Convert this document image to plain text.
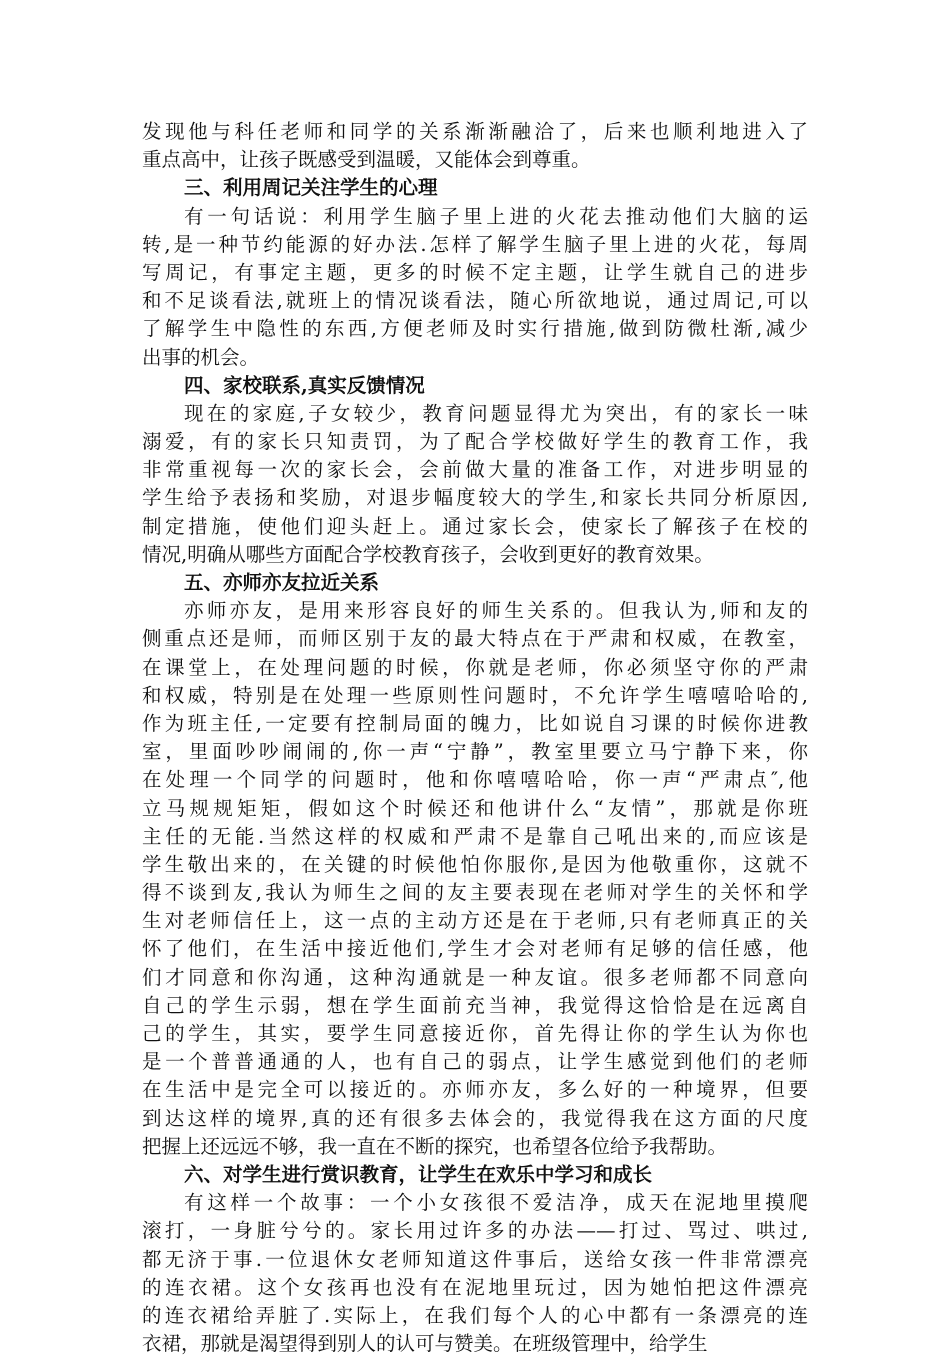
发现他与科任老师和同学的关系渐渐融洽了，后来也顺利地进入了
重点高中，让孩子既感受到温暖，又能体会到尊重。
三、利用周记关注学生的心理
有一句话说：利用学生脑子里上进的火花去推动他们大脑的运
转,是一种节约能源的好办法.怎样了解学生脑子里上进的火花，每周
写周记，有事定主题，更多的时候不定主题，让学生就自己的进步
和不足谈看法,就班上的情况谈看法，随心所欲地说，通过周记,可以
了解学生中隐性的东西,方便老师及时实行措施,做到防微杜渐,减少
出事的机会。
四、家校联系,真实反馈情况
现在的家庭,子女较少，教育问题显得尤为突出，有的家长一味
溺爱，有的家长只知责罚，为了配合学校做好学生的教育工作，我
非常重视每一次的家长会，会前做大量的准备工作，对进步明显的
学生给予表扬和奖励，对退步幅度较大的学生,和家长共同分析原因,
制定措施，使他们迎头赶上。通过家长会，使家长了解孩子在校的
情况,明确从哪些方面配合学校教育孩子，会收到更好的教育效果。
五、亦师亦友拉近关系
亦师亦友，是用来形容良好的师生关系的。但我认为,师和友的
侧重点还是师，而师区别于友的最大特点在于严肃和权威，在教室，
在课堂上，在处理问题的时候，你就是老师，你必须坚守你的严肃
和权威，特别是在处理一些原则性问题时，不允许学生嘻嘻哈哈的,
作为班主任,一定要有控制局面的魄力，比如说自习课的时候你进教
室，里面吵吵闹闹的,你一声“宁静”，教室里要立马宁静下来，你
在处理一个同学的问题时，他和你嘻嘻哈哈，你一声“严肃点″,他
立马规规矩矩，假如这个时候还和他讲什么“友情”，那就是你班
主任的无能.当然这样的权威和严肃不是靠自己吼出来的,而应该是
学生敬出来的，在关键的时候他怕你服你,是因为他敬重你，这就不
得不谈到友,我认为师生之间的友主要表现在老师对学生的关怀和学
生对老师信任上，这一点的主动方还是在于老师,只有老师真正的关
怀了他们，在生活中接近他们,学生才会对老师有足够的信任感，他
们才同意和你沟通，这种沟通就是一种友谊。很多老师都不同意向
自己的学生示弱，想在学生面前充当神，我觉得这恰恰是在远离自
己的学生，其实，要学生同意接近你，首先得让你的学生认为你也
是一个普普通通的人，也有自己的弱点，让学生感觉到他们的老师
在生活中是完全可以接近的。亦师亦友，多么好的一种境界，但要
到达这样的境界,真的还有很多去体会的，我觉得我在这方面的尺度
把握上还远远不够，我一直在不断的探究，也希望各位给予我帮助。
六、对学生进行赏识教育，让学生在欢乐中学习和成长
有这样一个故事：一个小女孩很不爱洁净，成天在泥地里摸爬
滚打，一身脏兮兮的。家长用过许多的办法——打过、骂过、哄过,
都无济于事.一位退休女老师知道这件事后，送给女孩一件非常漂亮
的连衣裙。这个女孩再也没有在泥地里玩过，因为她怕把这件漂亮
的连衣裙给弄脏了.实际上，在我们每个人的心中都有一条漂亮的连
衣裙，那就是渴望得到别人的认可与赞美。在班级管理中，给学生
